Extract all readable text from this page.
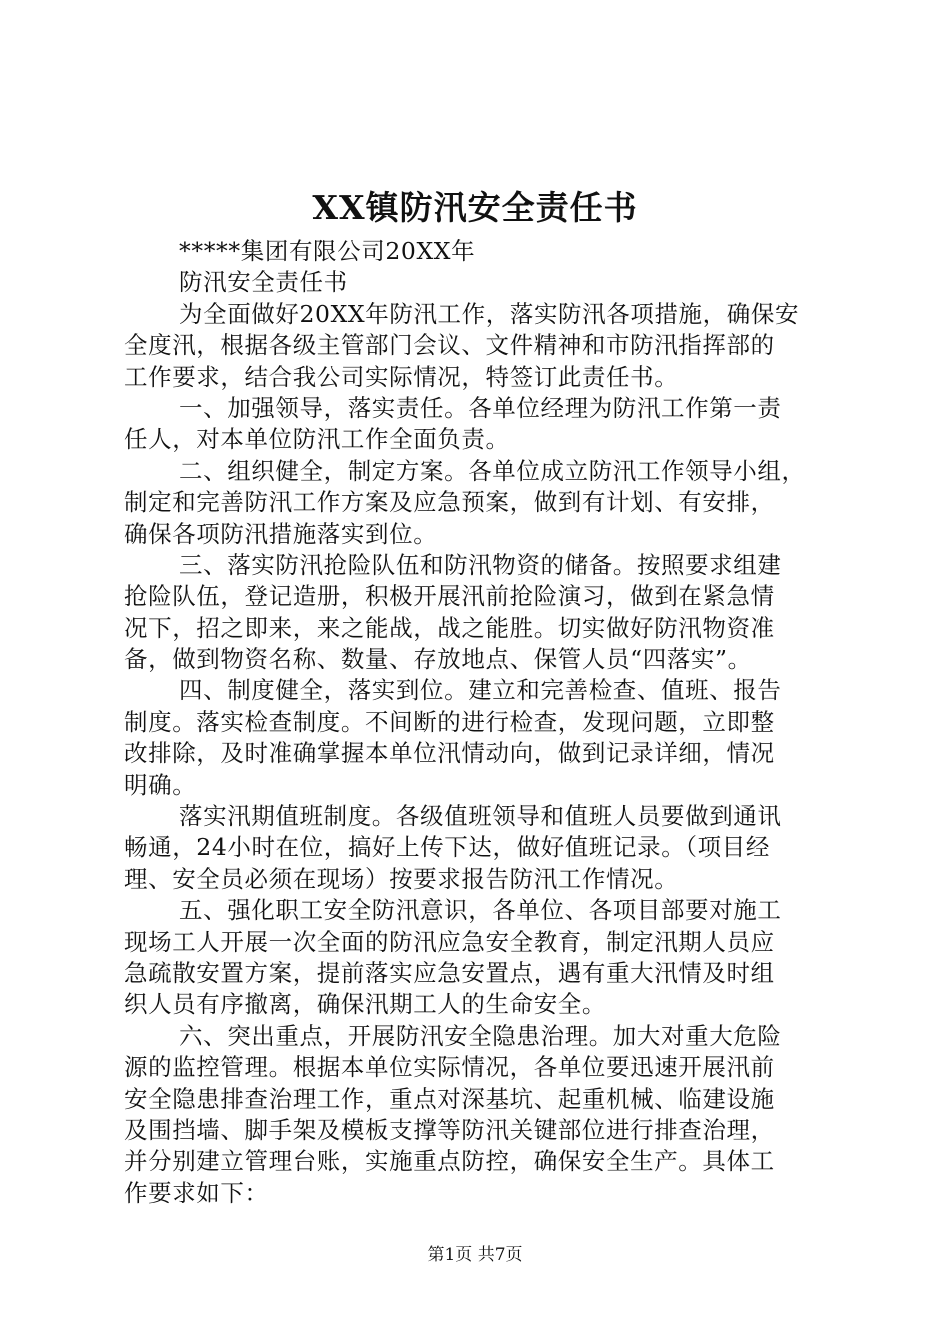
XX镇防汛安全责任书

*****集团有限公司20XX年

防汛安全责任书

为全面做好20XX年防汛工作，落实防汛各项措施，确保安

全度汛，根据各级主管部门会议、文件精神和市防汛指挥部的

工作要求，结合我公司实际情况，特签订此责任书。

一、加强领导，落实责任。各单位经理为防汛工作第一责

任人，对本单位防汛工作全面负责。

二、组织健全，制定方案。各单位成立防汛工作领导小组，

制定和完善防汛工作方案及应急预案，做到有计划、有安排，

确保各项防汛措施落实到位。

三、落实防汛抢险队伍和防汛物资的储备。按照要求组建

抢险队伍，登记造册，积极开展汛前抢险演习，做到在紧急情

况下，招之即来，来之能战，战之能胜。切实做好防汛物资准

备，做到物资名称、数量、存放地点、保管人员“四落实”。

四、制度健全，落实到位。建立和完善检查、值班、报告

制度。落实检查制度。不间断的进行检查，发现问题，立即整

改排除，及时准确掌握本单位汛情动向，做到记录详细，情况

明确。

落实汛期值班制度。各级值班领导和值班人员要做到通讯

畅通，24小时在位，搞好上传下达，做好值班记录。（项目经

理、安全员必须在现场）按要求报告防汛工作情况。

五、强化职工安全防汛意识，各单位、各项目部要对施工

现场工人开展一次全面的防汛应急安全教育，制定汛期人员应

急疏散安置方案，提前落实应急安置点，遇有重大汛情及时组

织人员有序撤离，确保汛期工人的生命安全。

六、突出重点，开展防汛安全隐患治理。加大对重大危险

源的监控管理。根据本单位实际情况，各单位要迅速开展汛前

安全隐患排查治理工作，重点对深基坑、起重机械、临建设施

及围挡墙、脚手架及模板支撑等防汛关键部位进行排查治理，

并分别建立管理台账，实施重点防控，确保安全生产。具体工

作要求如下：

第1页 共7页
